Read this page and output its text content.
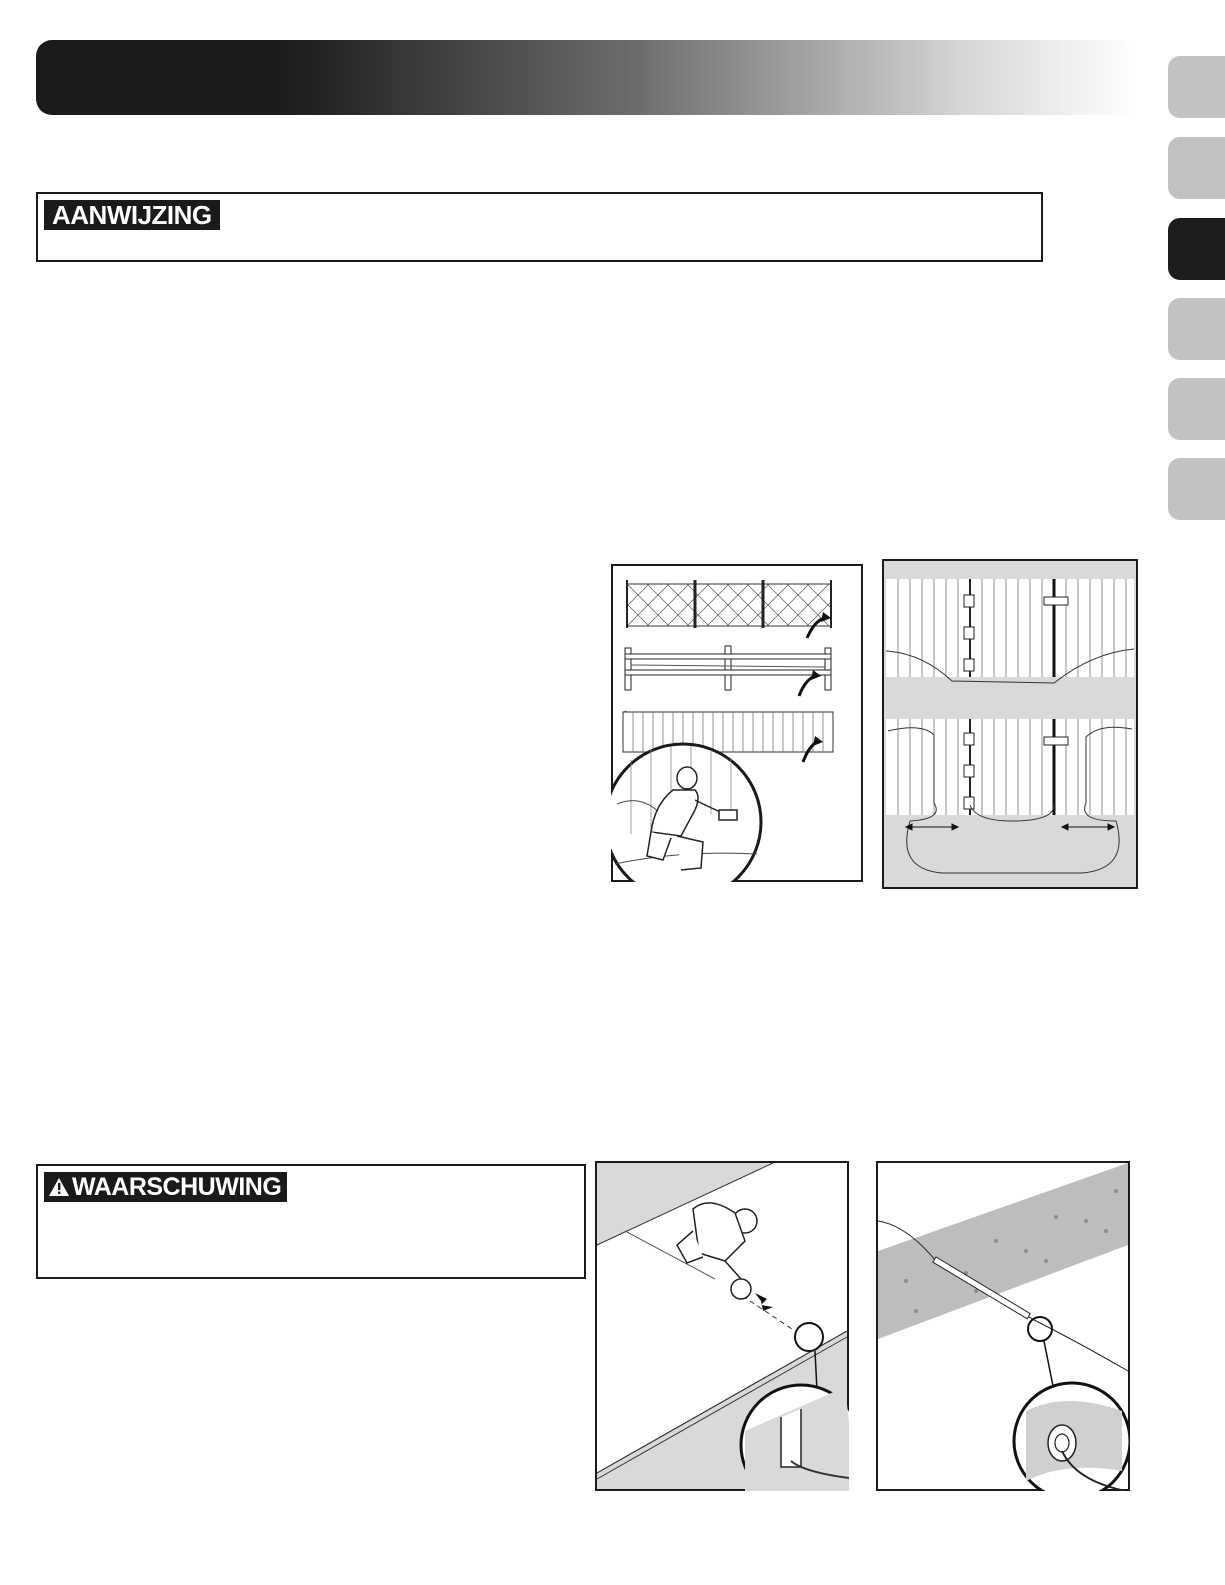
AANWIJZING
WAARSCHUWING
